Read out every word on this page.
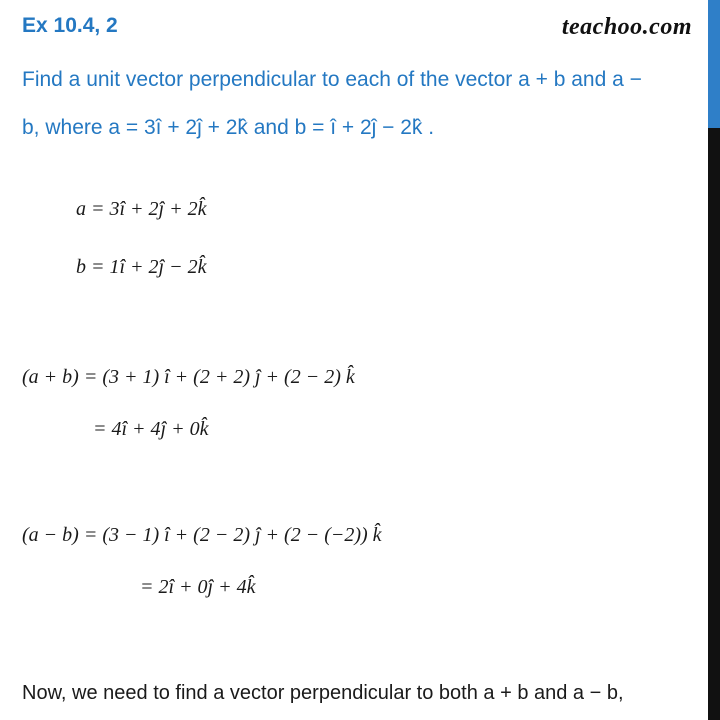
Ex 10.4, 2	teachoo.com
Find a unit vector perpendicular to each of the vector a + b and a −
b, where a = 3î + 2ĵ + 2k̂ and b = î + 2ĵ − 2k̂ .
a = 3î + 2ĵ + 2k̂
b = 1î + 2ĵ − 2k̂
(a + b) = (3 + 1) î + (2 + 2) ĵ + (2 − 2) k̂
= 4î + 4ĵ + 0k̂
(a − b) = (3 − 1) î + (2 − 2) ĵ + (2 − (−2)) k̂
= 2î + 0ĵ + 4k̂
Now, we need to find a vector perpendicular to both a + b and a − b,
